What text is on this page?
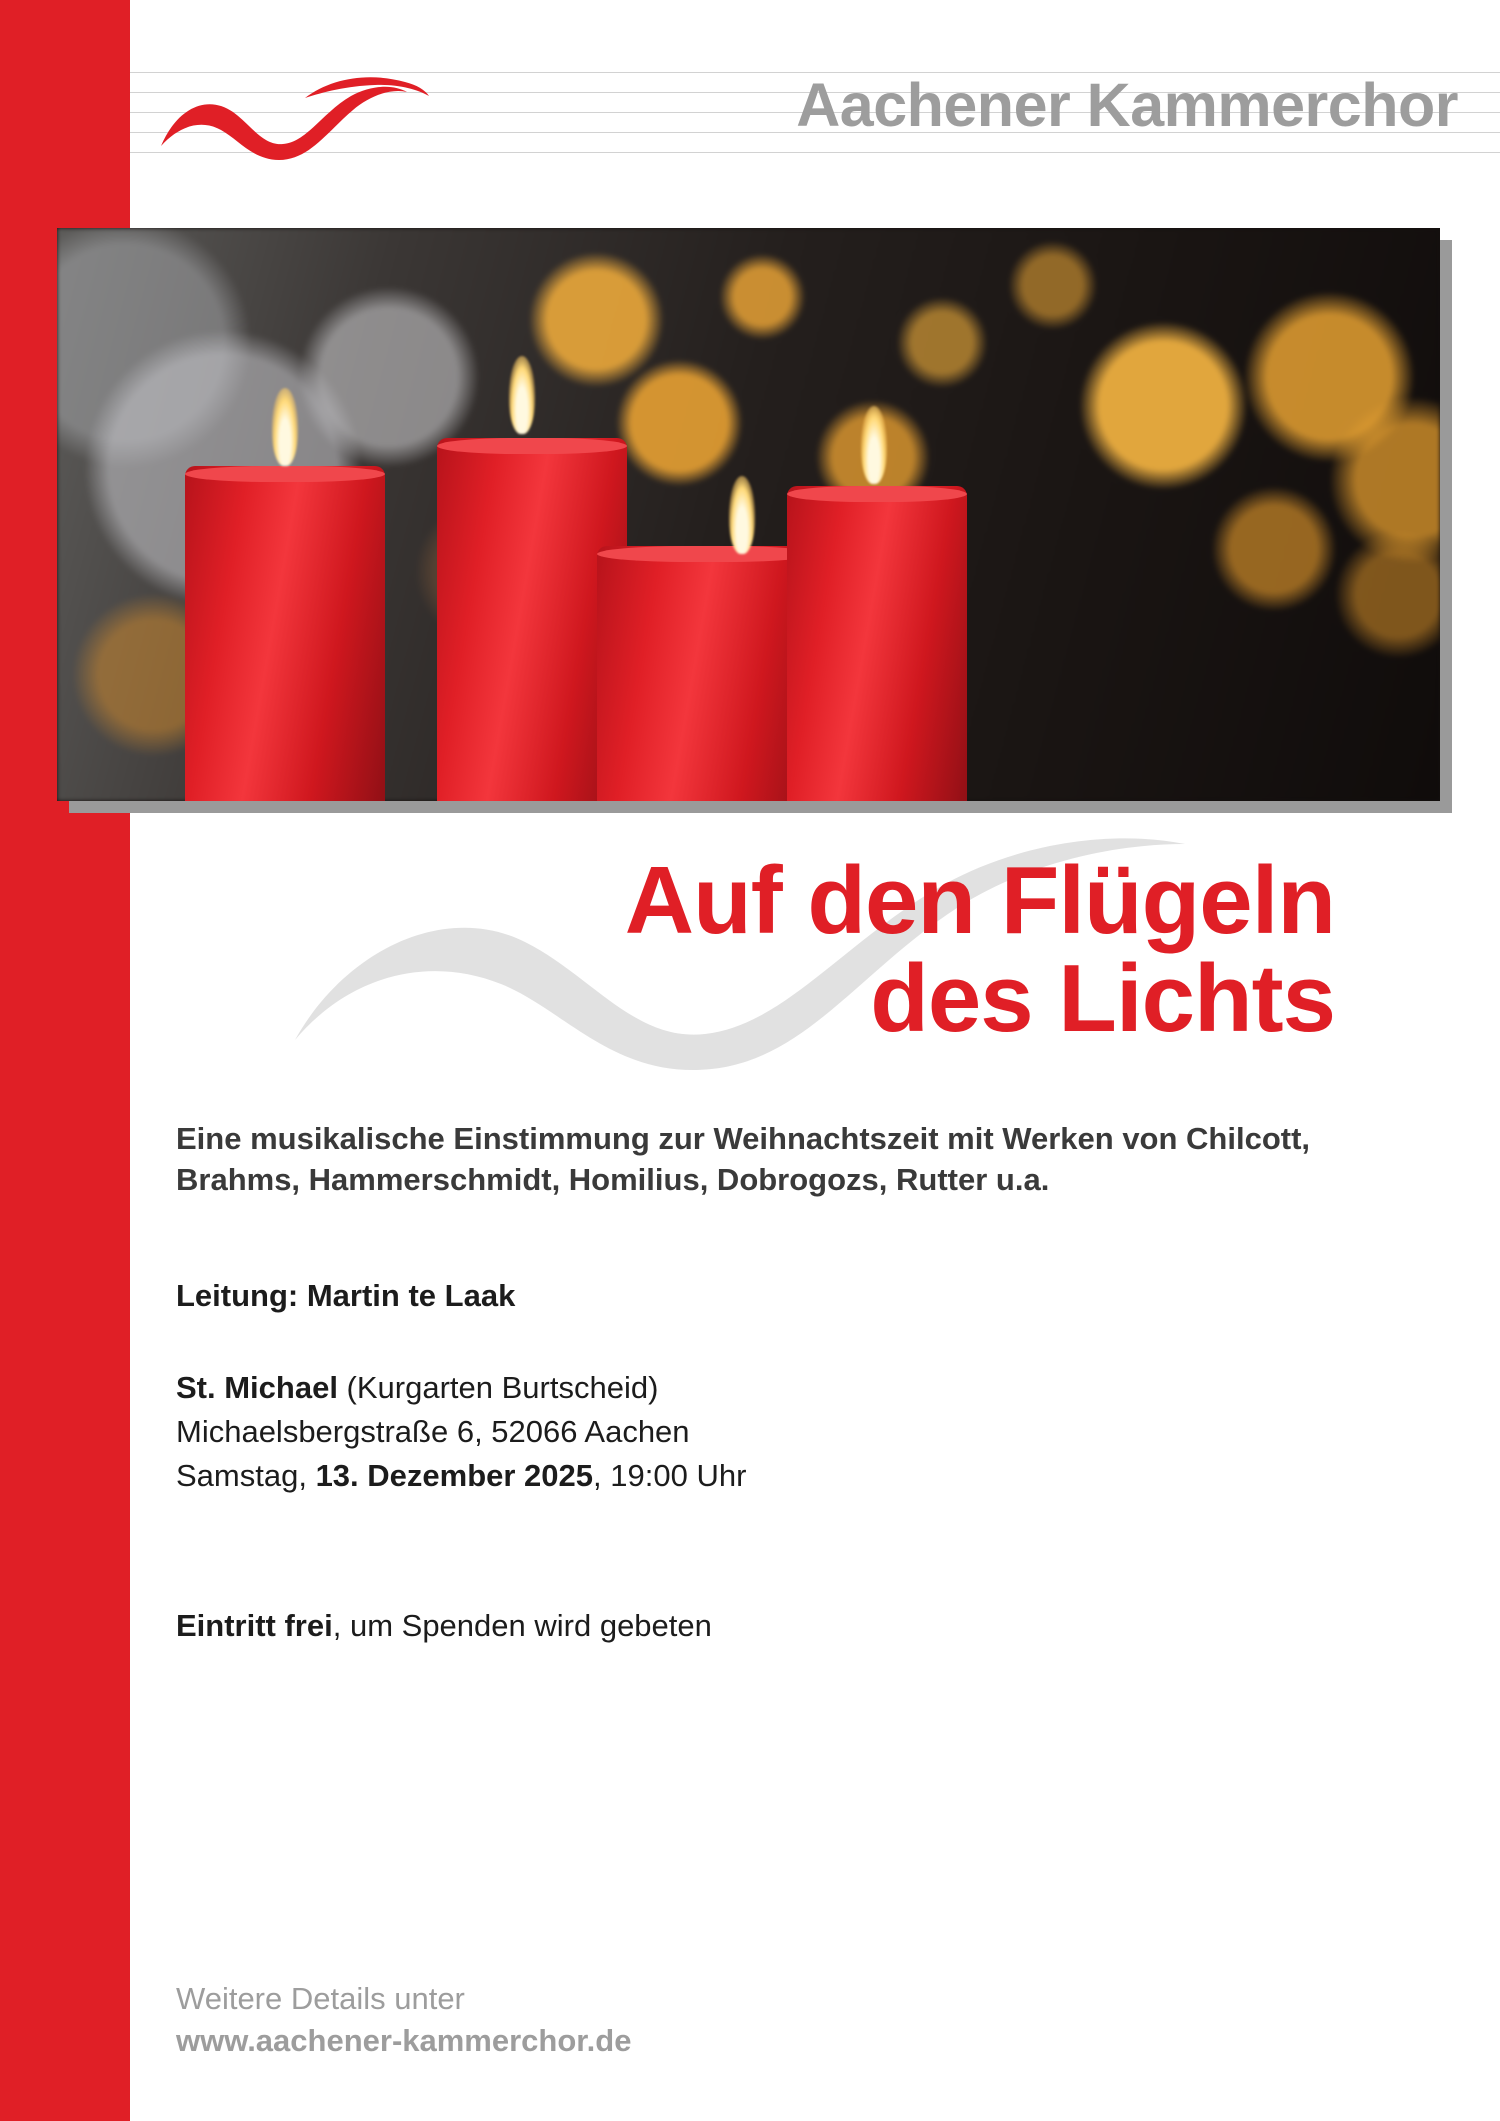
Aachener Kammerchor
Auf den Flügeln
des Lichts
Eine musikalische Einstimmung zur Weihnachtszeit mit Werken von Chilcott, Brahms, Hammerschmidt, Homilius, Dobrogozs, Rutter u.a.
Leitung: Martin te Laak
St. Michael (Kurgarten Burtscheid)
Michaelsbergstraße 6, 52066 Aachen
Samstag, 13. Dezember 2025, 19:00 Uhr
Eintritt frei, um Spenden wird gebeten
Weitere Details unter
www.aachener-kammerchor.de
